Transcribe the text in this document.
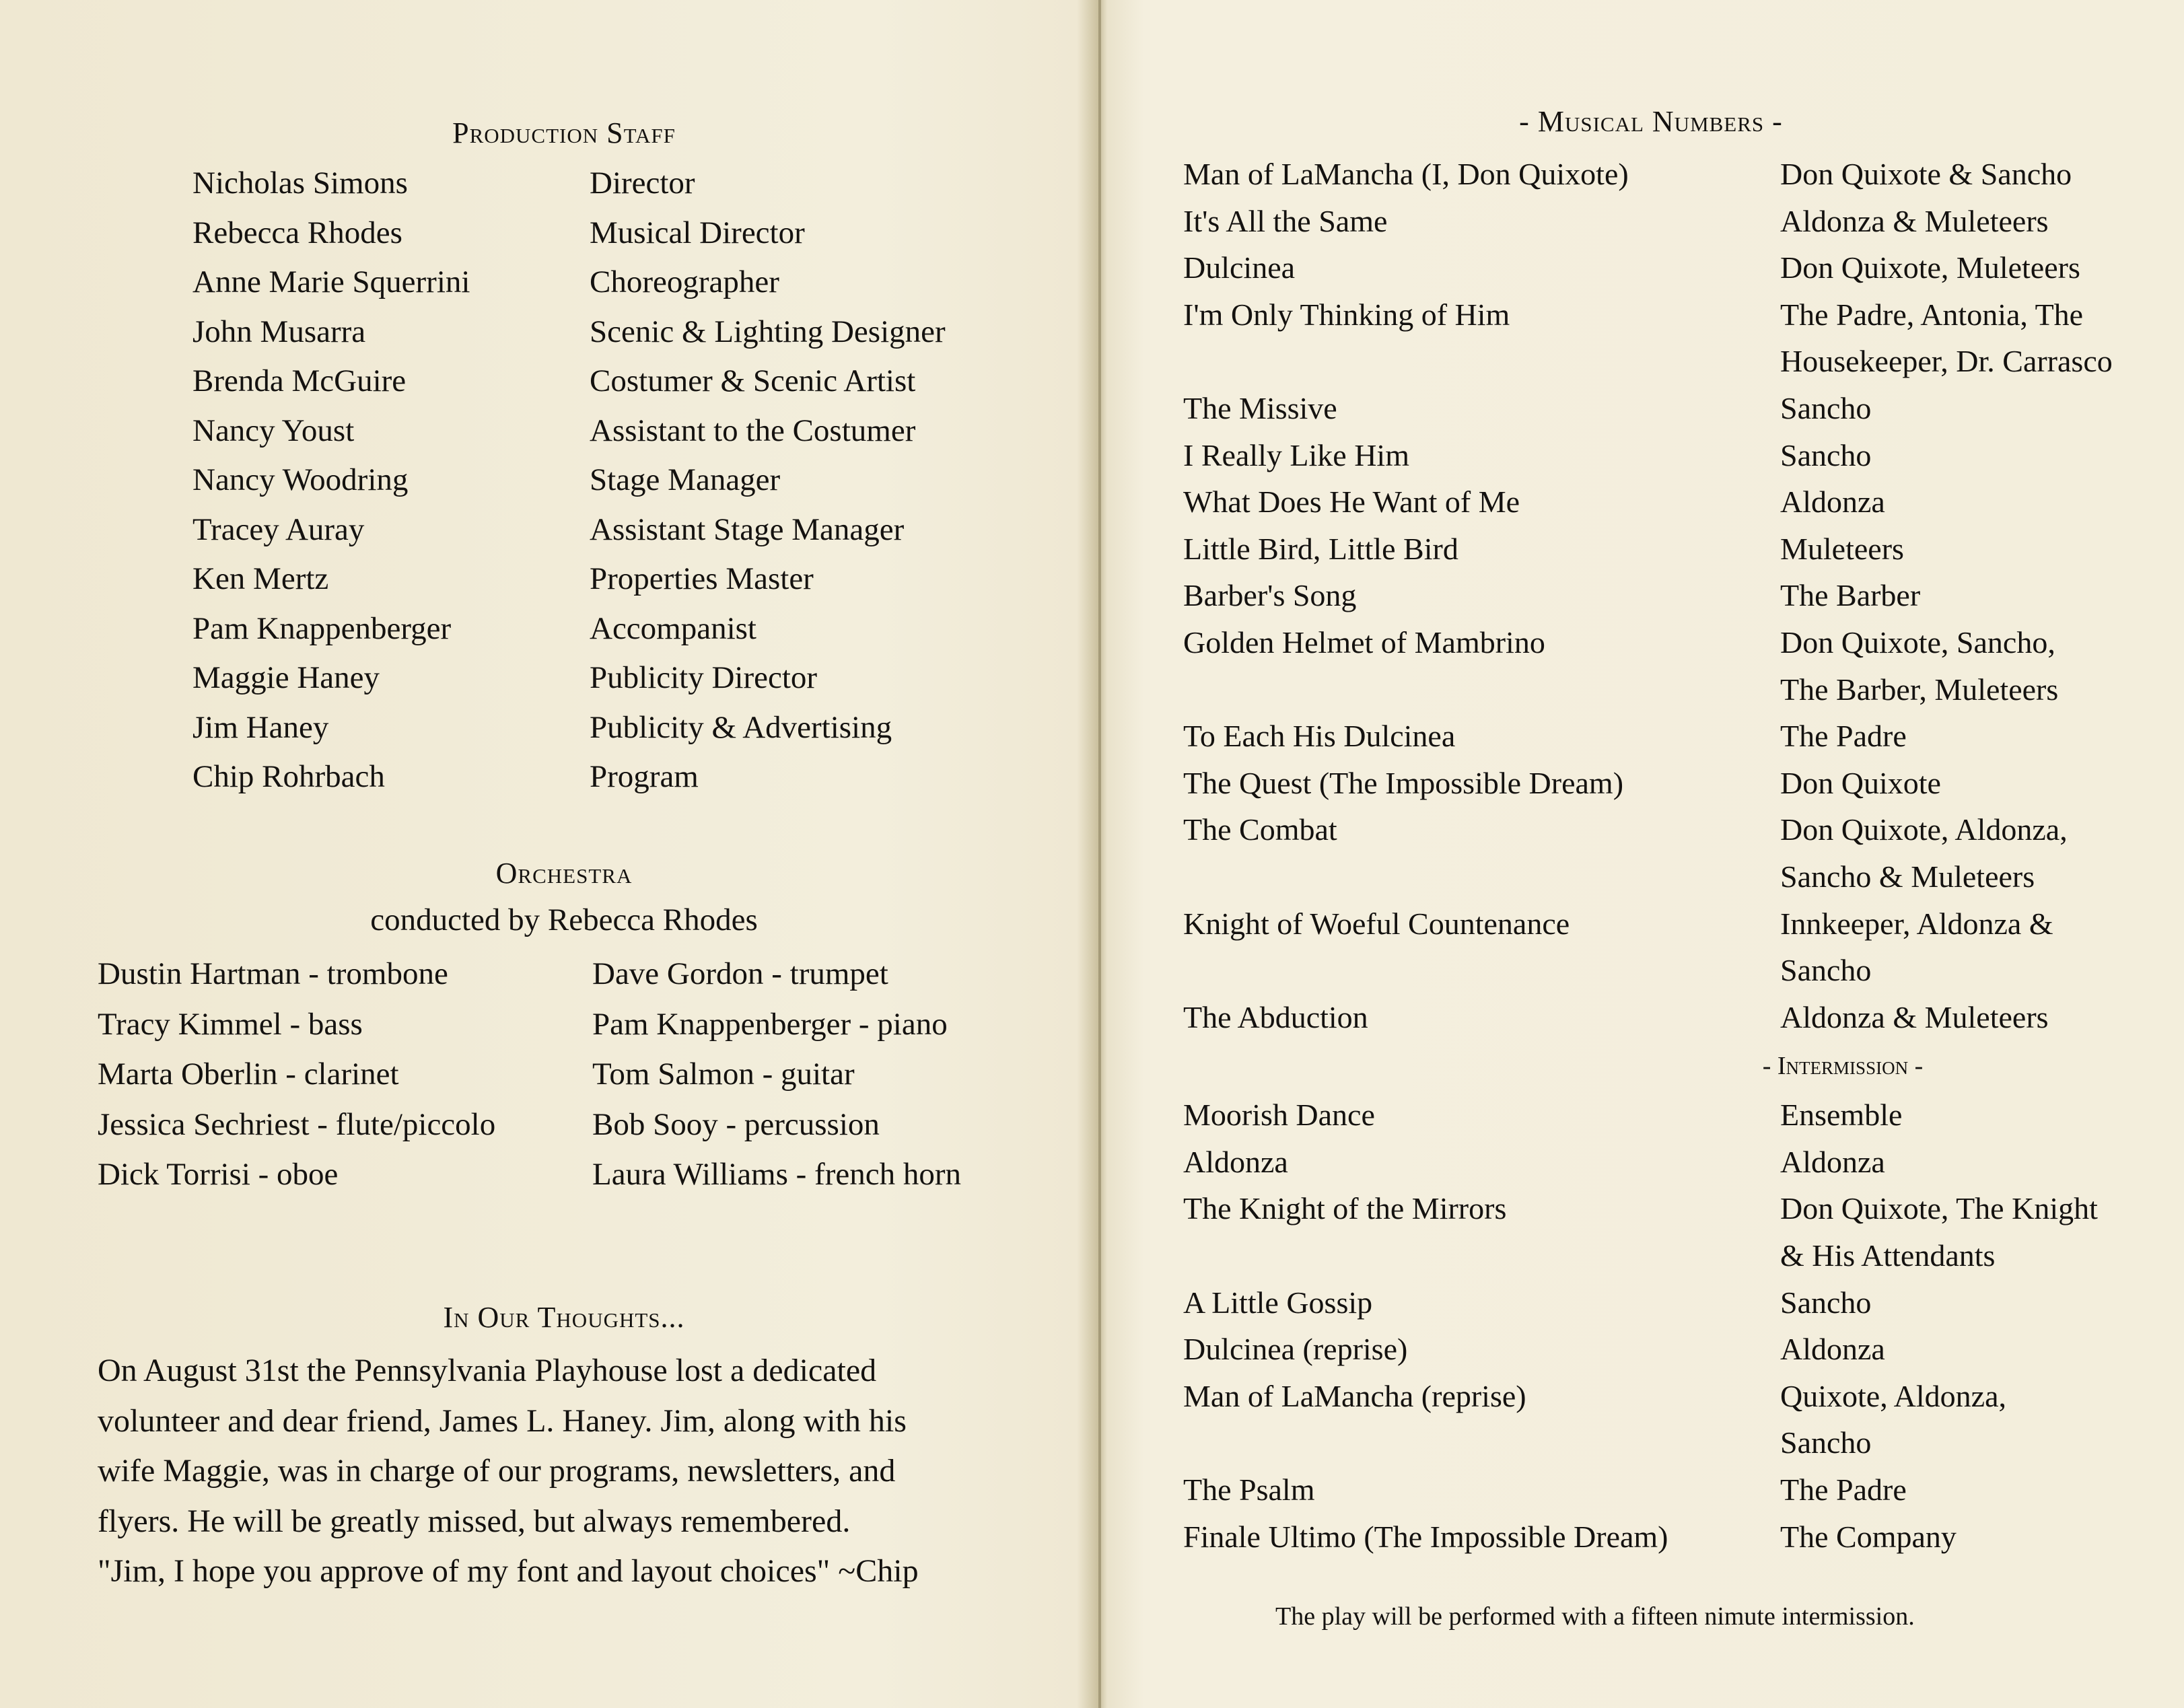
Production Staff
Nicholas Simons	Director
Rebecca Rhodes	Musical Director
Anne Marie Squerrini	Choreographer
John Musarra	Scenic & Lighting Designer
Brenda McGuire	Costumer & Scenic Artist
Nancy Youst	Assistant to the Costumer
Nancy Woodring	Stage Manager
Tracey Auray	Assistant Stage Manager
Ken Mertz	Properties Master
Pam Knappenberger	Accompanist
Maggie Haney	Publicity Director
Jim Haney	Publicity & Advertising
Chip Rohrbach	Program
Orchestra
conducted by Rebecca Rhodes
Dustin Hartman - trombone	Dave Gordon - trumpet
Tracy Kimmel - bass	Pam Knappenberger - piano
Marta Oberlin - clarinet	Tom Salmon - guitar
Jessica Sechriest - flute/piccolo	Bob Sooy - percussion
Dick Torrisi - oboe	Laura Williams - french horn
In Our Thoughts...

On August 31st the Pennsylvania Playhouse lost a dedicated

volunteer and dear friend, James L. Haney. Jim, along with his

wife Maggie, was in charge of our programs, newsletters, and

flyers. He will be greatly missed, but always remembered.

"Jim, I hope you approve of my font and layout choices" ~Chip

- Musical Numbers -
Man of LaMancha (I, Don Quixote)	Don Quixote & Sancho
It's All the Same	Aldonza & Muleteers
Dulcinea	Don Quixote, Muleteers
I'm Only Thinking of Him	The Padre, Antonia, The
Housekeeper, Dr. Carrasco
The Missive	Sancho
I Really Like Him	Sancho
What Does He Want of Me	Aldonza
Little Bird, Little Bird	Muleteers
Barber's Song	The Barber
Golden Helmet of Mambrino	Don Quixote, Sancho,
The Barber, Muleteers
To Each His Dulcinea	The Padre
The Quest (The Impossible Dream)	Don Quixote
The Combat	Don Quixote, Aldonza,
Sancho & Muleteers
Knight of Woeful Countenance	Innkeeper, Aldonza &
Sancho
The Abduction	Aldonza & Muleteers
- Intermission -
Moorish Dance	Ensemble
Aldonza	Aldonza
The Knight of the Mirrors	Don Quixote, The Knight
& His Attendants
A Little Gossip	Sancho
Dulcinea (reprise)	Aldonza
Man of LaMancha (reprise)	Quixote, Aldonza,
Sancho
The Psalm	The Padre
Finale Ultimo (The Impossible Dream)	The Company
The play will be performed with a fifteen nimute intermission.
